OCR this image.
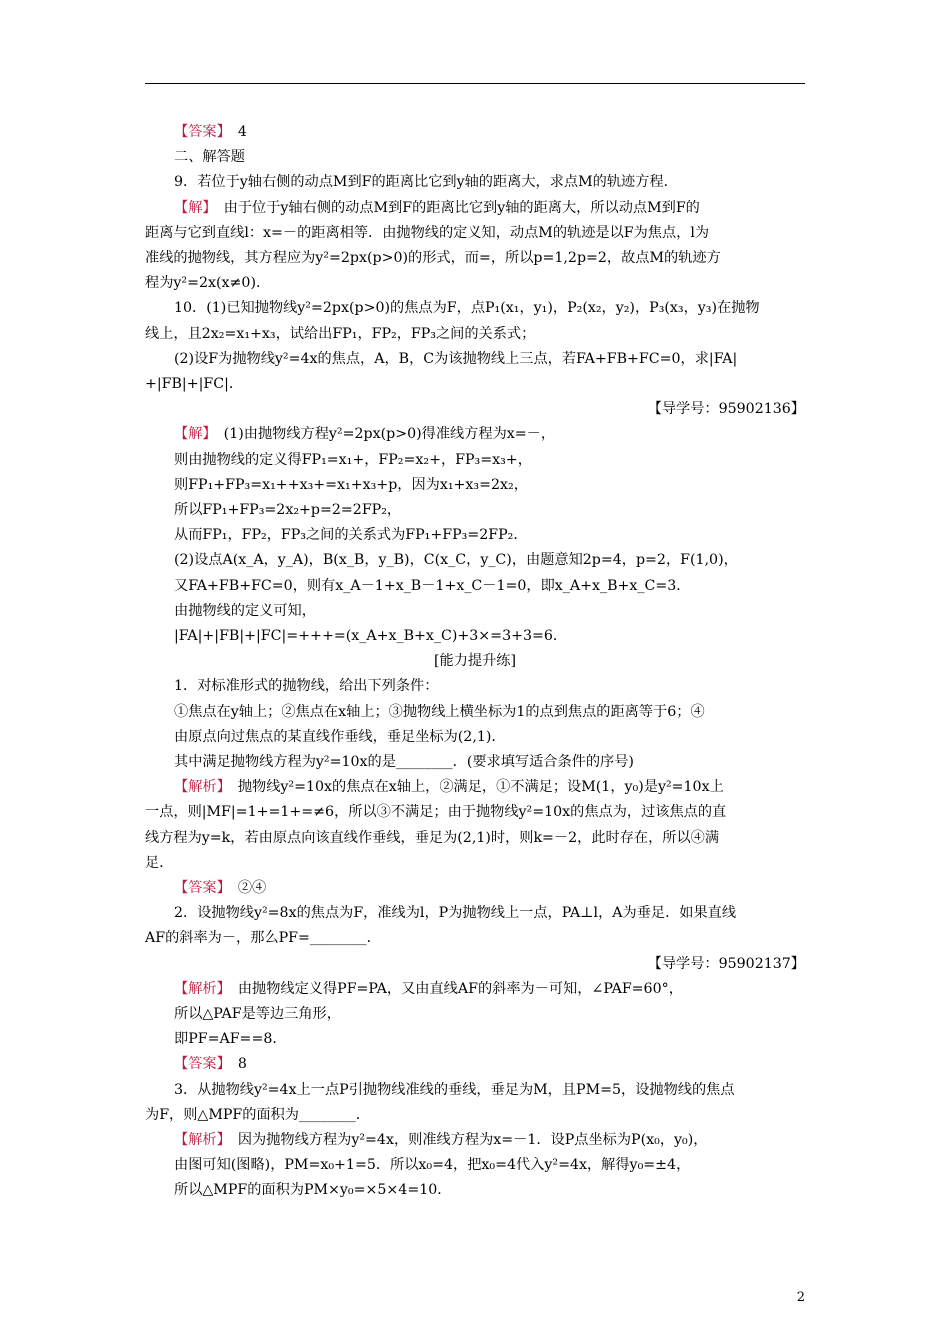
【答案】　4
二、解答题
9．若位于y轴右侧的动点M到F的距离比它到y轴的距离大，求点M的轨迹方程．
【解】　由于位于y轴右侧的动点M到F的距离比它到y轴的距离大，所以动点M到F的
距离与它到直线l：x=－的距离相等．由抛物线的定义知，动点M的轨迹是以F为焦点，l为
准线的抛物线，其方程应为y²=2px(p>0)的形式，而=，所以p=1,2p=2，故点M的轨迹方
程为y²=2x(x≠0)．
10．(1)已知抛物线y²=2px(p>0)的焦点为F，点P₁(x₁，y₁)，P₂(x₂，y₂)，P₃(x₃，y₃)在抛物
线上，且2x₂=x₁+x₃，试给出FP₁，FP₂，FP₃之间的关系式；
(2)设F为抛物线y²=4x的焦点，A，B，C为该抛物线上三点，若FA+FB+FC=0，求|FA|
+|FB|+|FC|．
【导学号：95902136】
【解】　(1)由抛物线方程y²=2px(p>0)得准线方程为x=－，
则由抛物线的定义得FP₁=x₁+，FP₂=x₂+，FP₃=x₃+，
则FP₁+FP₃=x₁++x₃+=x₁+x₃+p，因为x₁+x₃=2x₂，
所以FP₁+FP₃=2x₂+p=2=2FP₂，
从而FP₁，FP₂，FP₃之间的关系式为FP₁+FP₃=2FP₂．
(2)设点A(x_A，y_A)，B(x_B，y_B)，C(x_C，y_C)，由题意知2p=4，p=2，F(1,0)，
又FA+FB+FC=0，则有x_A－1+x_B－1+x_C－1=0，即x_A+x_B+x_C=3．
由抛物线的定义可知，
|FA|+|FB|+|FC|=+++=(x_A+x_B+x_C)+3×=3+3=6．
[能力提升练]
1．对标准形式的抛物线，给出下列条件：
①焦点在y轴上；②焦点在x轴上；③抛物线上横坐标为1的点到焦点的距离等于6；④
由原点向过焦点的某直线作垂线，垂足坐标为(2,1)．
其中满足抛物线方程为y²=10x的是________．(要求填写适合条件的序号)
【解析】　抛物线y²=10x的焦点在x轴上，②满足，①不满足；设M(1，y₀)是y²=10x上
一点，则|MF|=1+=1+=≠6，所以③不满足；由于抛物线y²=10x的焦点为，过该焦点的直
线方程为y=k，若由原点向该直线作垂线，垂足为(2,1)时，则k=－2，此时存在，所以④满
足．
【答案】　②④
2．设抛物线y²=8x的焦点为F，准线为l，P为抛物线上一点，PA⊥l，A为垂足．如果直线
AF的斜率为－，那么PF=________．
【导学号：95902137】
【解析】　由抛物线定义得PF=PA，又由直线AF的斜率为－可知，∠PAF=60°，
所以△PAF是等边三角形，
即PF=AF==8．
【答案】　8
3．从抛物线y²=4x上一点P引抛物线准线的垂线，垂足为M，且PM=5，设抛物线的焦点
为F，则△MPF的面积为________．
【解析】　因为抛物线方程为y²=4x，则准线方程为x=－1．设P点坐标为P(x₀，y₀)，
由图可知(图略)，PM=x₀+1=5．所以x₀=4，把x₀=4代入y²=4x，解得y₀=±4，
所以△MPF的面积为PM×y₀=×5×4=10．
2
